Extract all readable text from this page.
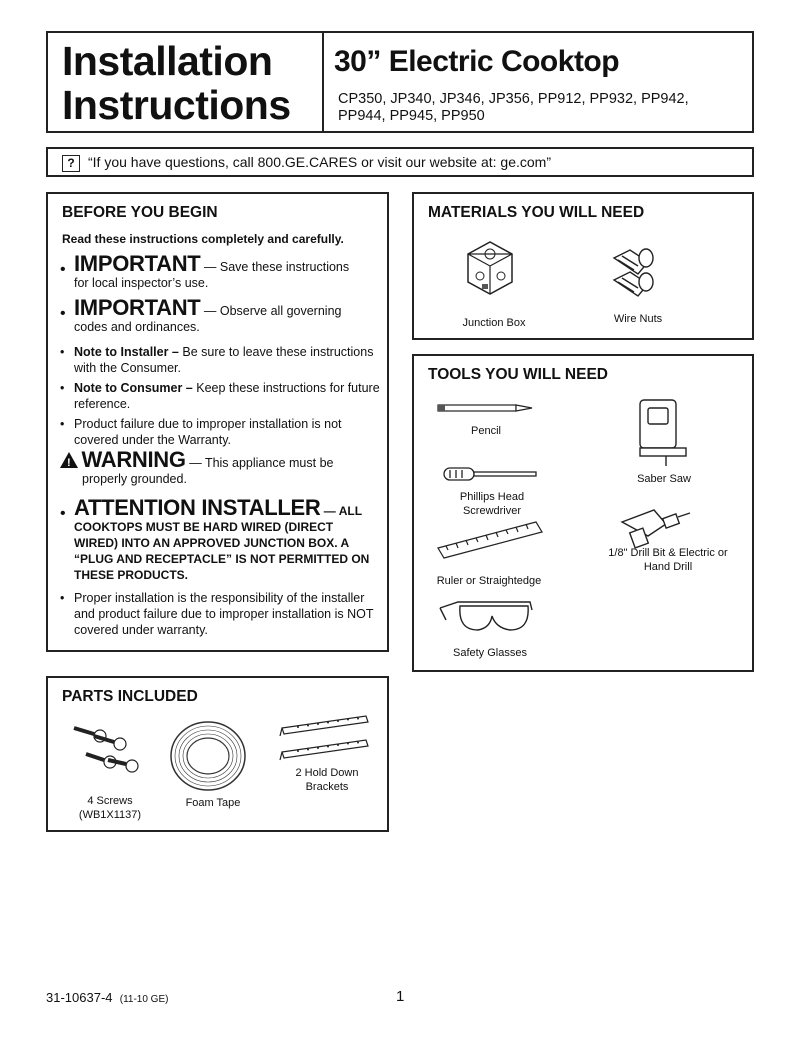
Installation
Instructions
30” Electric Cooktop
CP350, JP340, JP346, JP356, PP912, PP932, PP942,
PP944, PP945, PP950
? “If you have questions, call 800.GE.CARES or visit our website at: ge.com”
BEFORE YOU BEGIN
Read these instructions completely and carefully.
• IMPORTANT — Save these instructions
for local inspector’s use.
• IMPORTANT — Observe all governing
codes and ordinances.
• Note to Installer – Be sure to leave these instructions with the Consumer.
• Note to Consumer – Keep these instructions for future reference.
• Product failure due to improper installation is not covered under the Warranty.
! WARNING — This appliance must be
properly grounded.
• ATTENTION INSTALLER — ALL
COOKTOPS MUST BE HARD WIRED (DIRECT WIRED) INTO AN APPROVED JUNCTION BOX. A “PLUG AND RECEPTACLE” IS NOT PERMITTED ON THESE PRODUCTS.
• Proper installation is the responsibility of the installer and product failure due to improper installation is NOT covered under warranty.
MATERIALS YOU WILL NEED
Junction Box	Wire Nuts
TOOLS YOU WILL NEED
Pencil
Saber Saw
Phillips Head
Screwdriver
1/8" Drill Bit & Electric or
Hand Drill
Ruler or Straightedge
Safety Glasses
PARTS INCLUDED
4 Screws
(WB1X1137)
Foam Tape
2 Hold Down
Brackets
31-10637-4 (11-10 GE)	1
